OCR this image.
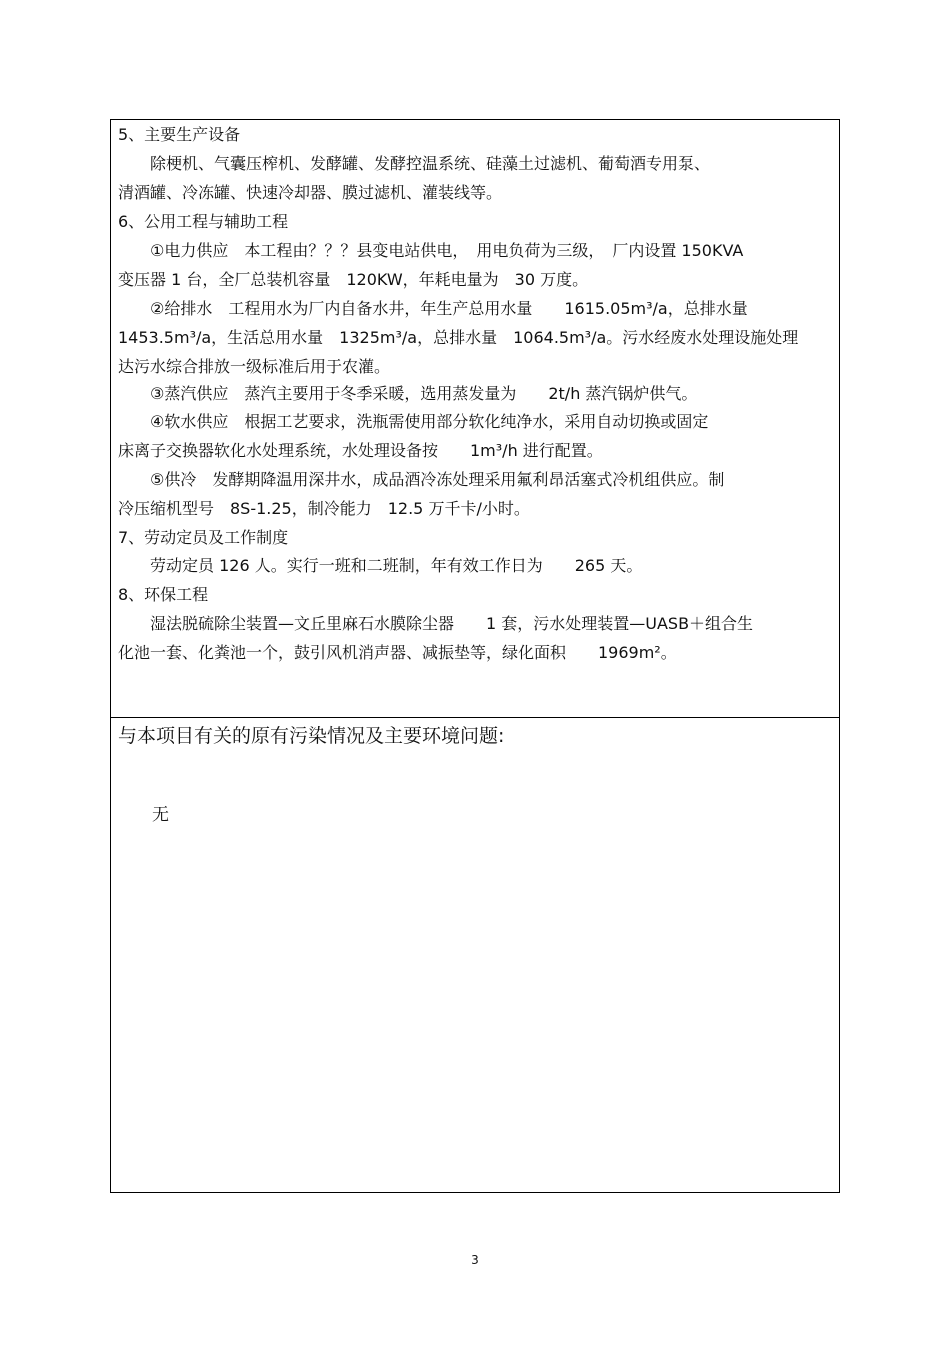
5、主要生产设备
除梗机、气囊压榨机、发酵罐、发酵控温系统、硅藻土过滤机、葡萄酒专用泵、
清酒罐、冷冻罐、快速冷却器、膜过滤机、灌装线等。
6、公用工程与辅助工程
①电力供应　本工程由？？？县变电站供电，　用电负荷为三级，　厂内设置 150KVA
变压器 1 台，全厂总装机容量　120KW，年耗电量为　30 万度。
②给排水　工程用水为厂内自备水井，年生产总用水量　　1615.05m³/a，总排水量
1453.5m³/a，生活总用水量　1325m³/a，总排水量　1064.5m³/a。污水经废水处理设施处理
达污水综合排放一级标准后用于农灌。
③蒸汽供应　蒸汽主要用于冬季采暖，选用蒸发量为　　2t/h 蒸汽锅炉供气。
④软水供应　根据工艺要求，洗瓶需使用部分软化纯净水，采用自动切换或固定
床离子交换器软化水处理系统，水处理设备按　　1m³/h 进行配置。
⑤供冷　发酵期降温用深井水，成品酒冷冻处理采用氟利昂活塞式冷机组供应。制
冷压缩机型号　8S-1.25，制冷能力　12.5 万千卡/小时。
7、劳动定员及工作制度
劳动定员 126 人。实行一班和二班制，年有效工作日为　　265 天。
8、环保工程
湿法脱硫除尘装置—文丘里麻石水膜除尘器　　1 套，污水处理装置—UASB＋组合生
化池一套、化粪池一个，鼓引风机消声器、减振垫等，绿化面积　　1969m²。
与本项目有关的原有污染情况及主要环境问题:
无
3
